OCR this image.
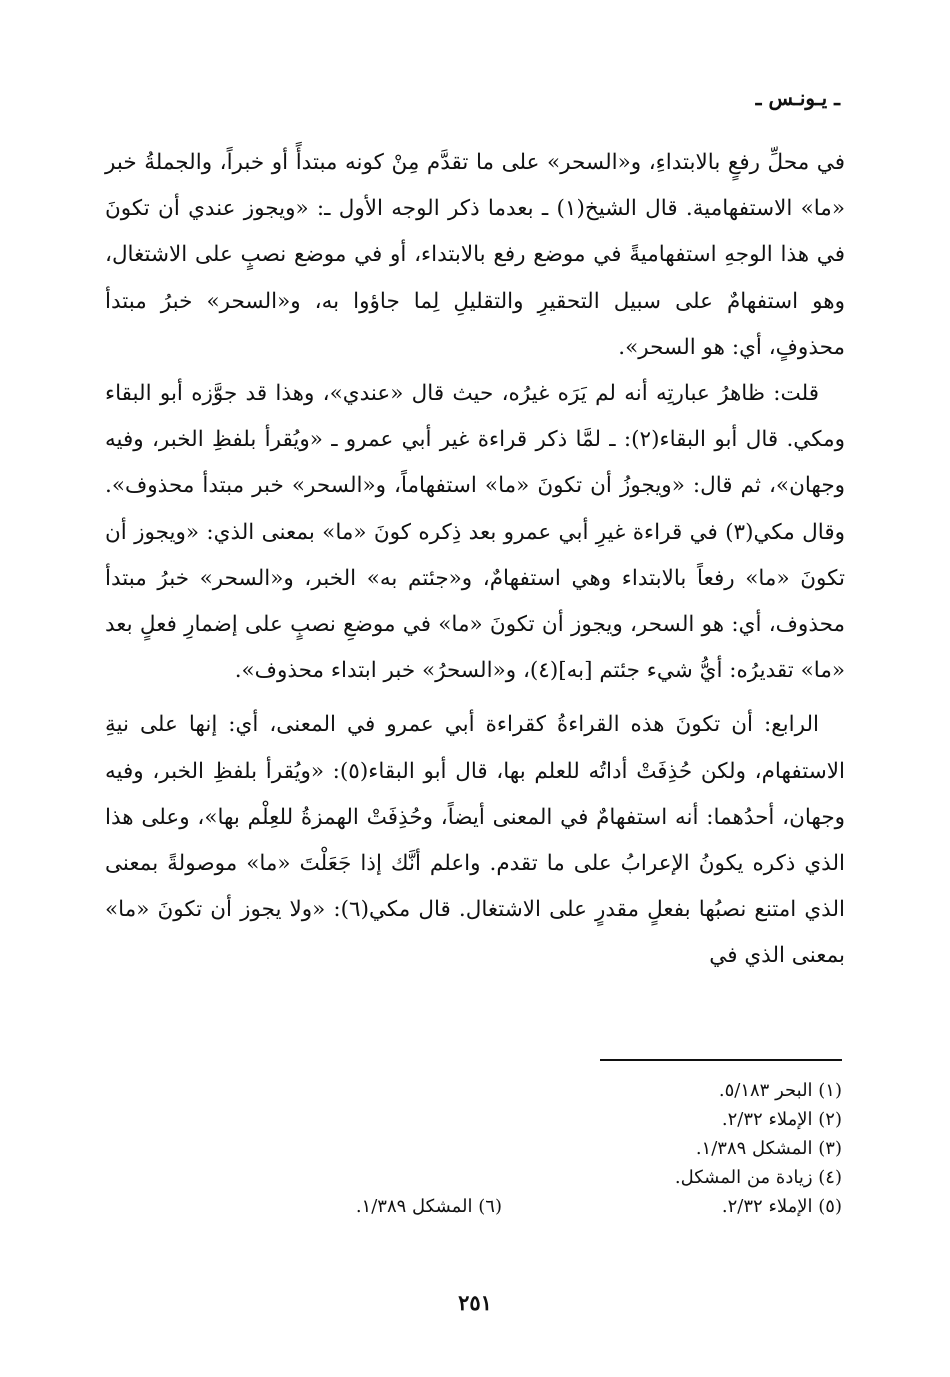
ـ يـونـس ـ

في محلِّ رفعٍ بالابتداءِ، و«السحر» على ما تقدَّم مِنْ كونه مبتدأً أو خبراً، والجملةُ خبر «ما» الاستفهامية. قال الشيخ(١) ـ بعدما ذكر الوجه الأول ـ: «ويجوز عندي أن تكونَ في هذا الوجهِ استفهاميةً في موضع رفع بالابتداء، أو في موضع نصبٍ على الاشتغال، وهو استفهامٌ على سبيل التحقيرِ والتقليلِ لِما جاؤوا به، و«السحر» خبرُ مبتدأ محذوفٍ، أي: هو السحر».

قلت: ظاهرُ عبارتِه أنه لم يَرَه غيرُه، حيث قال «عندي»، وهذا قد جوَّزه أبو البقاء ومكي. قال أبو البقاء(٢): ـ لمَّا ذكر قراءة غير أبي عمرو ـ «ويُقرأ بلفظِ الخبر، وفيه وجهان»، ثم قال: «ويجوزُ أن تكونَ «ما» استفهاماً، و«السحر» خبر مبتدأ محذوف». وقال مكي(٣) في قراءة غيرِ أبي عمرو بعد ذِكره كونَ «ما» بمعنى الذي: «ويجوز أن تكونَ «ما» رفعاً بالابتداء وهي استفهامٌ، و«جئتم به» الخبر، و«السحر» خبرُ مبتدأ محذوف، أي: هو السحر، ويجوز أن تكونَ «ما» في موضعِ نصبٍ على إضمارِ فعلٍ بعد «ما» تقديرُه: أيُّ شيء جئتم [به](٤)، و«السحرُ» خبر ابتداء محذوف».

الرابع: أن تكونَ هذه القراءةُ كقراءة أبي عمرو في المعنى، أي: إنها على نيةِ الاستفهام، ولكن حُذِفَتْ أداتُه للعلم بها، قال أبو البقاء(٥): «ويُقرأ بلفظِ الخبر، وفيه وجهان، أحدُهما: أنه استفهامٌ في المعنى أيضاً، وحُذِفَتْ الهمزةُ للعِلْم بها»، وعلى هذا الذي ذكره يكونُ الإعرابُ على ما تقدم. واعلم أنَّك إذا جَعَلْتَ «ما» موصولةً بمعنى الذي امتنع نصبُها بفعلٍ مقدرٍ على الاشتغال. قال مكي(٦): «ولا يجوز أن تكونَ «ما» بمعنى الذي في

(١) البحر ٥/١٨٣.
(٢) الإملاء ٢/٣٢.
(٣) المشكل ١/٣٨٩.
(٤) زيادة من المشكل.
(٥) الإملاء ٢/٣٢.
(٦) المشكل ١/٣٨٩.
٢٥١
